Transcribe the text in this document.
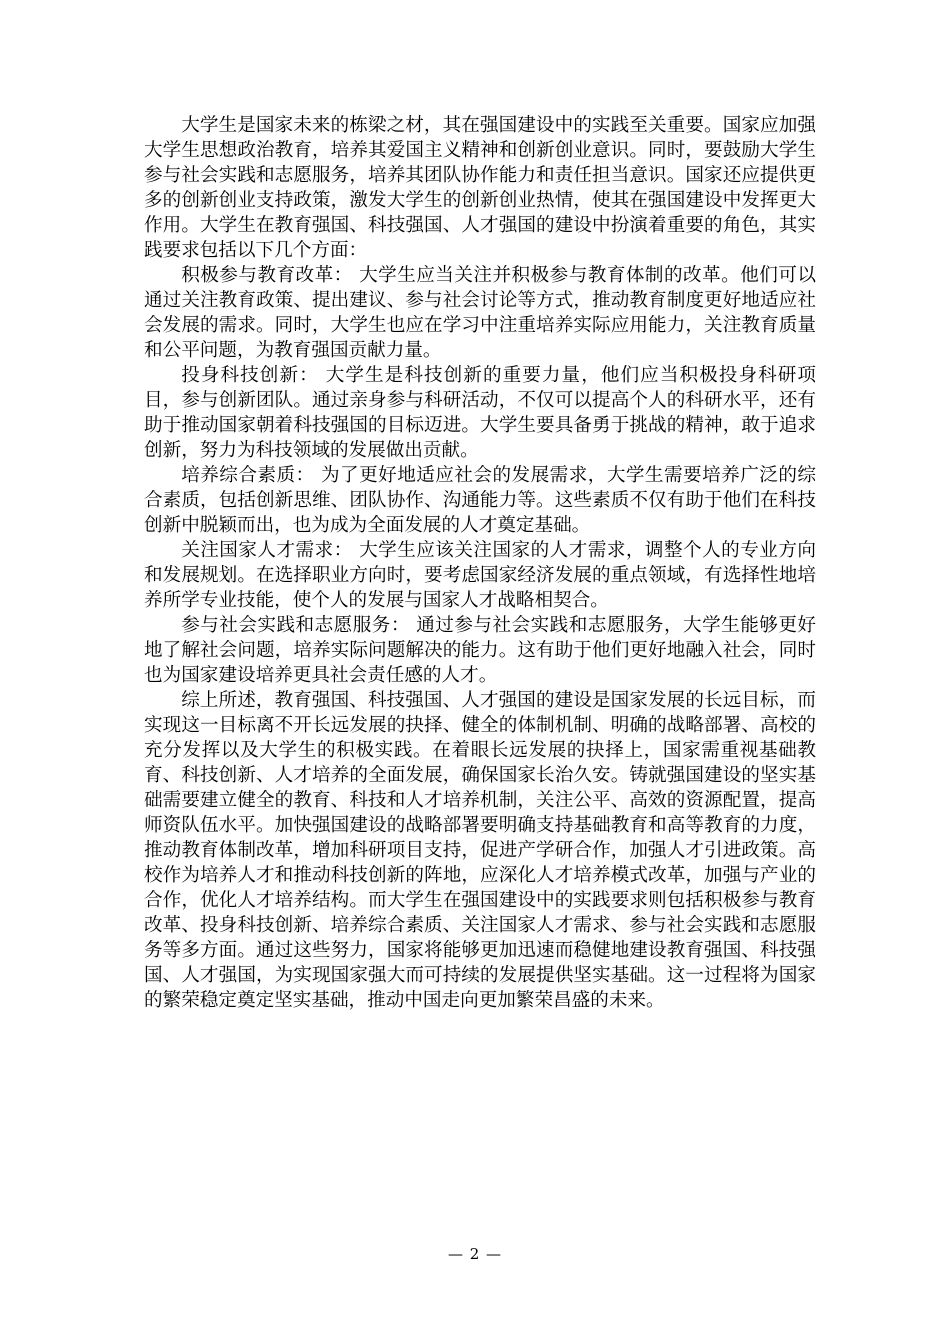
大学生是国家未来的栋梁之材，其在强国建设中的实践至关重要。国家应加强大学生思想政治教育，培养其爱国主义精神和创新创业意识。同时，要鼓励大学生参与社会实践和志愿服务，培养其团队协作能力和责任担当意识。国家还应提供更多的创新创业支持政策，激发大学生的创新创业热情，使其在强国建设中发挥更大作用。大学生在教育强国、科技强国、人才强国的建设中扮演着重要的角色，其实践要求包括以下几个方面：

积极参与教育改革： 大学生应当关注并积极参与教育体制的改革。他们可以通过关注教育政策、提出建议、参与社会讨论等方式，推动教育制度更好地适应社会发展的需求。同时，大学生也应在学习中注重培养实际应用能力，关注教育质量和公平问题，为教育强国贡献力量。

投身科技创新： 大学生是科技创新的重要力量，他们应当积极投身科研项目，参与创新团队。通过亲身参与科研活动，不仅可以提高个人的科研水平，还有助于推动国家朝着科技强国的目标迈进。大学生要具备勇于挑战的精神，敢于追求创新，努力为科技领域的发展做出贡献。

培养综合素质： 为了更好地适应社会的发展需求，大学生需要培养广泛的综合素质，包括创新思维、团队协作、沟通能力等。这些素质不仅有助于他们在科技创新中脱颖而出，也为成为全面发展的人才奠定基础。

关注国家人才需求： 大学生应该关注国家的人才需求，调整个人的专业方向和发展规划。在选择职业方向时，要考虑国家经济发展的重点领域，有选择性地培养所学专业技能，使个人的发展与国家人才战略相契合。

参与社会实践和志愿服务： 通过参与社会实践和志愿服务，大学生能够更好地了解社会问题，培养实际问题解决的能力。这有助于他们更好地融入社会，同时也为国家建设培养更具社会责任感的人才。

综上所述，教育强国、科技强国、人才强国的建设是国家发展的长远目标，而实现这一目标离不开长远发展的抉择、健全的体制机制、明确的战略部署、高校的充分发挥以及大学生的积极实践。在着眼长远发展的抉择上，国家需重视基础教育、科技创新、人才培养的全面发展，确保国家长治久安。铸就强国建设的坚实基础需要建立健全的教育、科技和人才培养机制，关注公平、高效的资源配置，提高师资队伍水平。加快强国建设的战略部署要明确支持基础教育和高等教育的力度，推动教育体制改革，增加科研项目支持，促进产学研合作，加强人才引进政策。高校作为培养人才和推动科技创新的阵地，应深化人才培养模式改革，加强与产业的合作，优化人才培养结构。而大学生在强国建设中的实践要求则包括积极参与教育改革、投身科技创新、培养综合素质、关注国家人才需求、参与社会实践和志愿服务等多方面。通过这些努力，国家将能够更加迅速而稳健地建设教育强国、科技强国、人才强国，为实现国家强大而可持续的发展提供坚实基础。这一过程将为国家的繁荣稳定奠定坚实基础，推动中国走向更加繁荣昌盛的未来。

— 2 —
